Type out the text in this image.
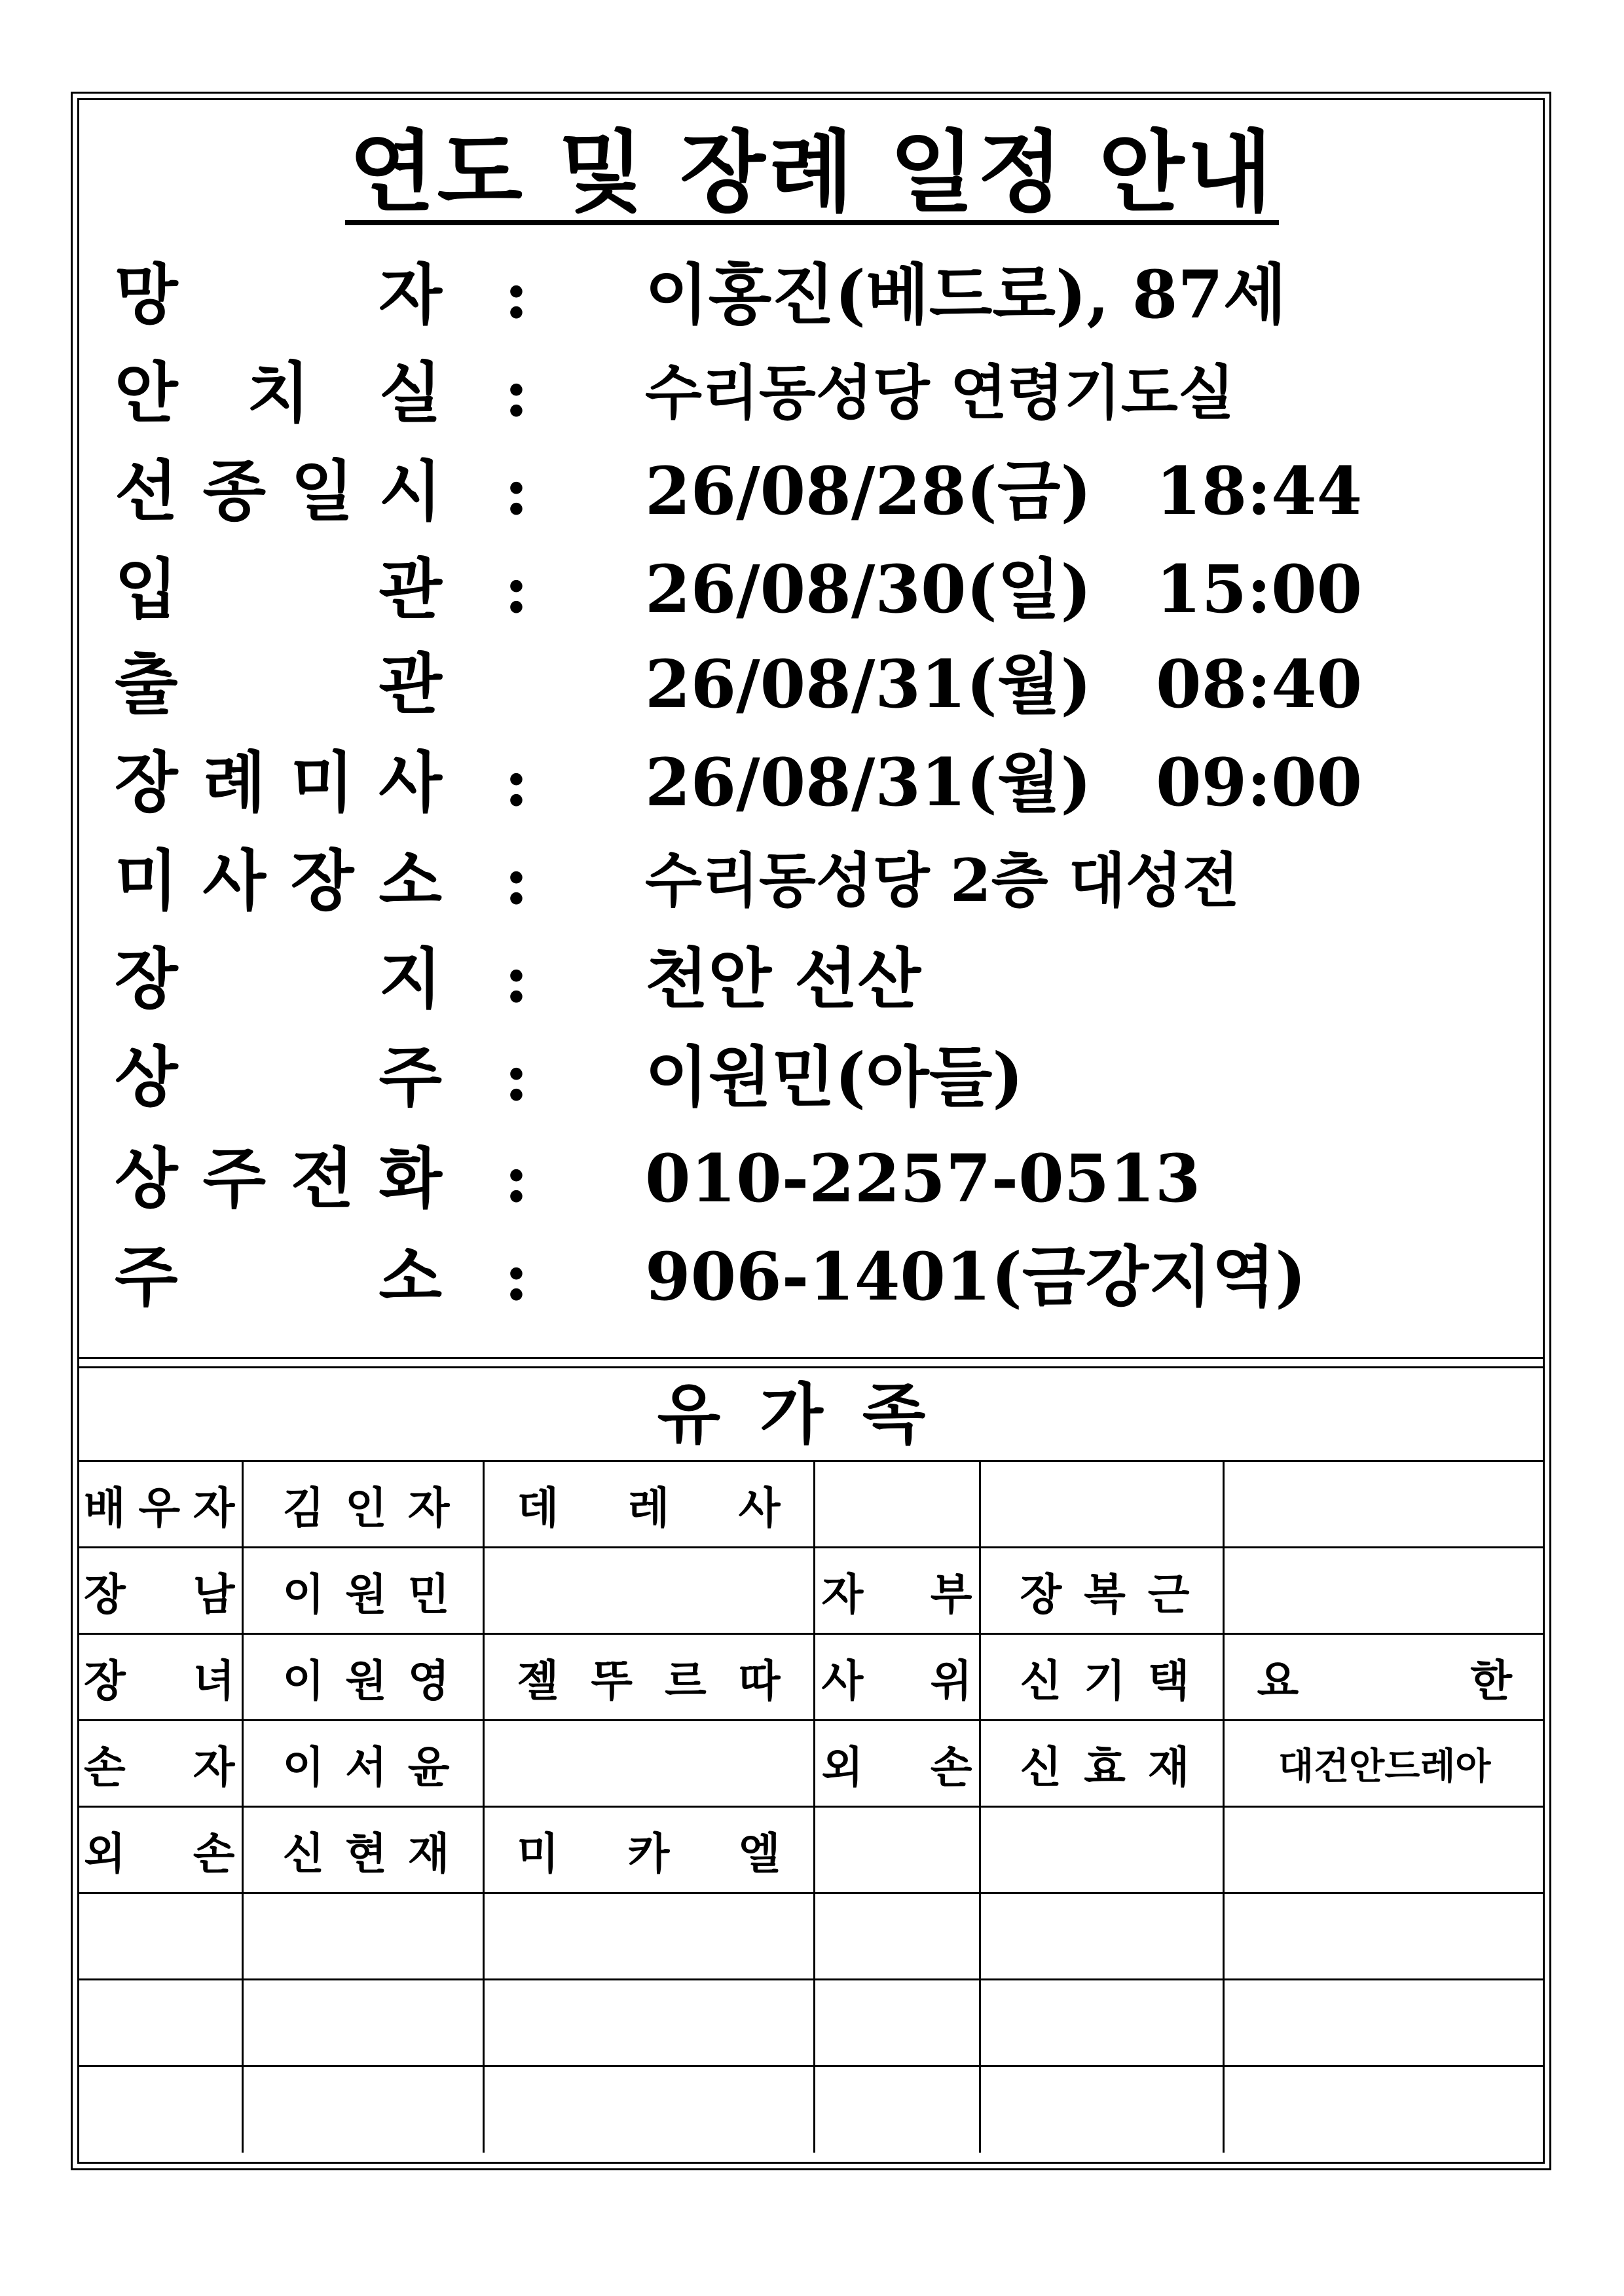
연도 및 장례 일정 안내
망	자 : 이홍진(베드로), 87세
안 치 실 : 수리동성당 연령기도실
선 종 일 시 : 26/08/28(금) 18:44
입	관 : 26/08/30(일) 15:00
출	관	26/08/31(월) 08:40
장 례 미 사 : 26/08/31(월) 09:00
미 사 장 소 : 수리동성당 2층 대성전
장	지 : 천안 선산
상	주 : 이원민(아들)
상 주 전 화 : 010-2257-0513
주	소 : 906-1401(금강지역)
유가족
배 우 자	김 인 자	데 레 사			

장 남	이 원 민		자 부	장 복 근	

장 녀	이 원 영	젤 뚜 르 따	사 위	신 기 택	요 한

손 자	이 서 윤		외 손	신 효 재	대건안드레아

외 손	신 현 재	미 카 엘			
